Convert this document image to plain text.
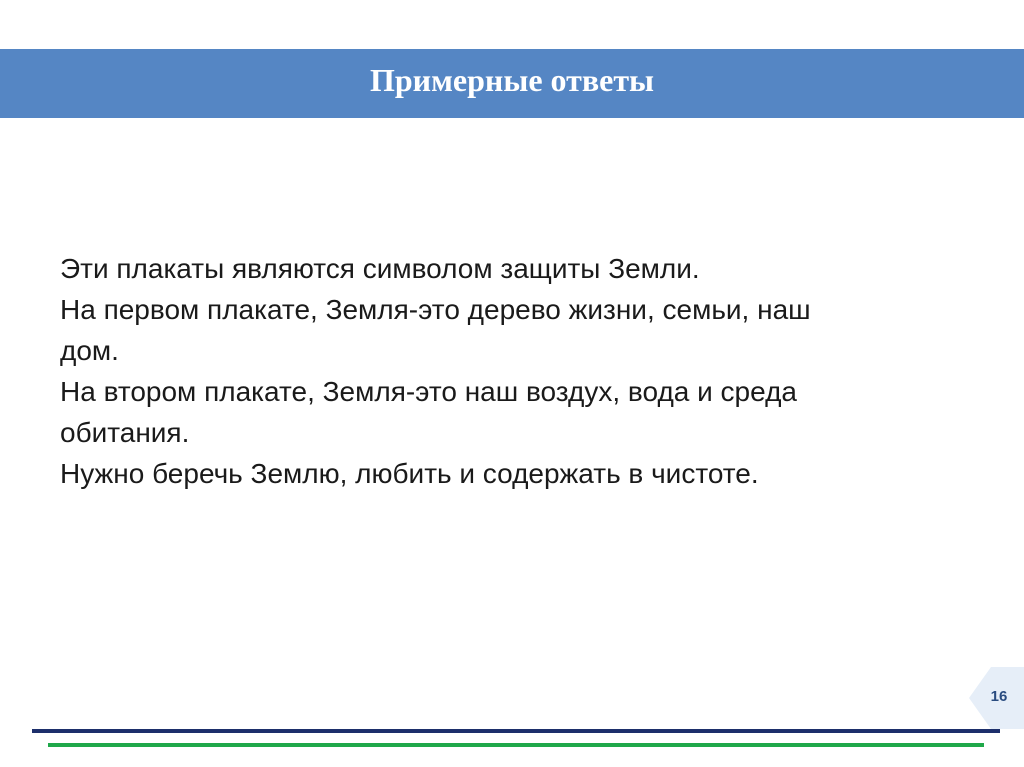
Примерные ответы
Эти плакаты являются символом защиты Земли.
На первом плакате, Земля-это дерево жизни, семьи, наш
дом.
На втором плакате, Земля-это наш воздух, вода и среда
обитания.
Нужно беречь Землю, любить и содержать в чистоте.
16
